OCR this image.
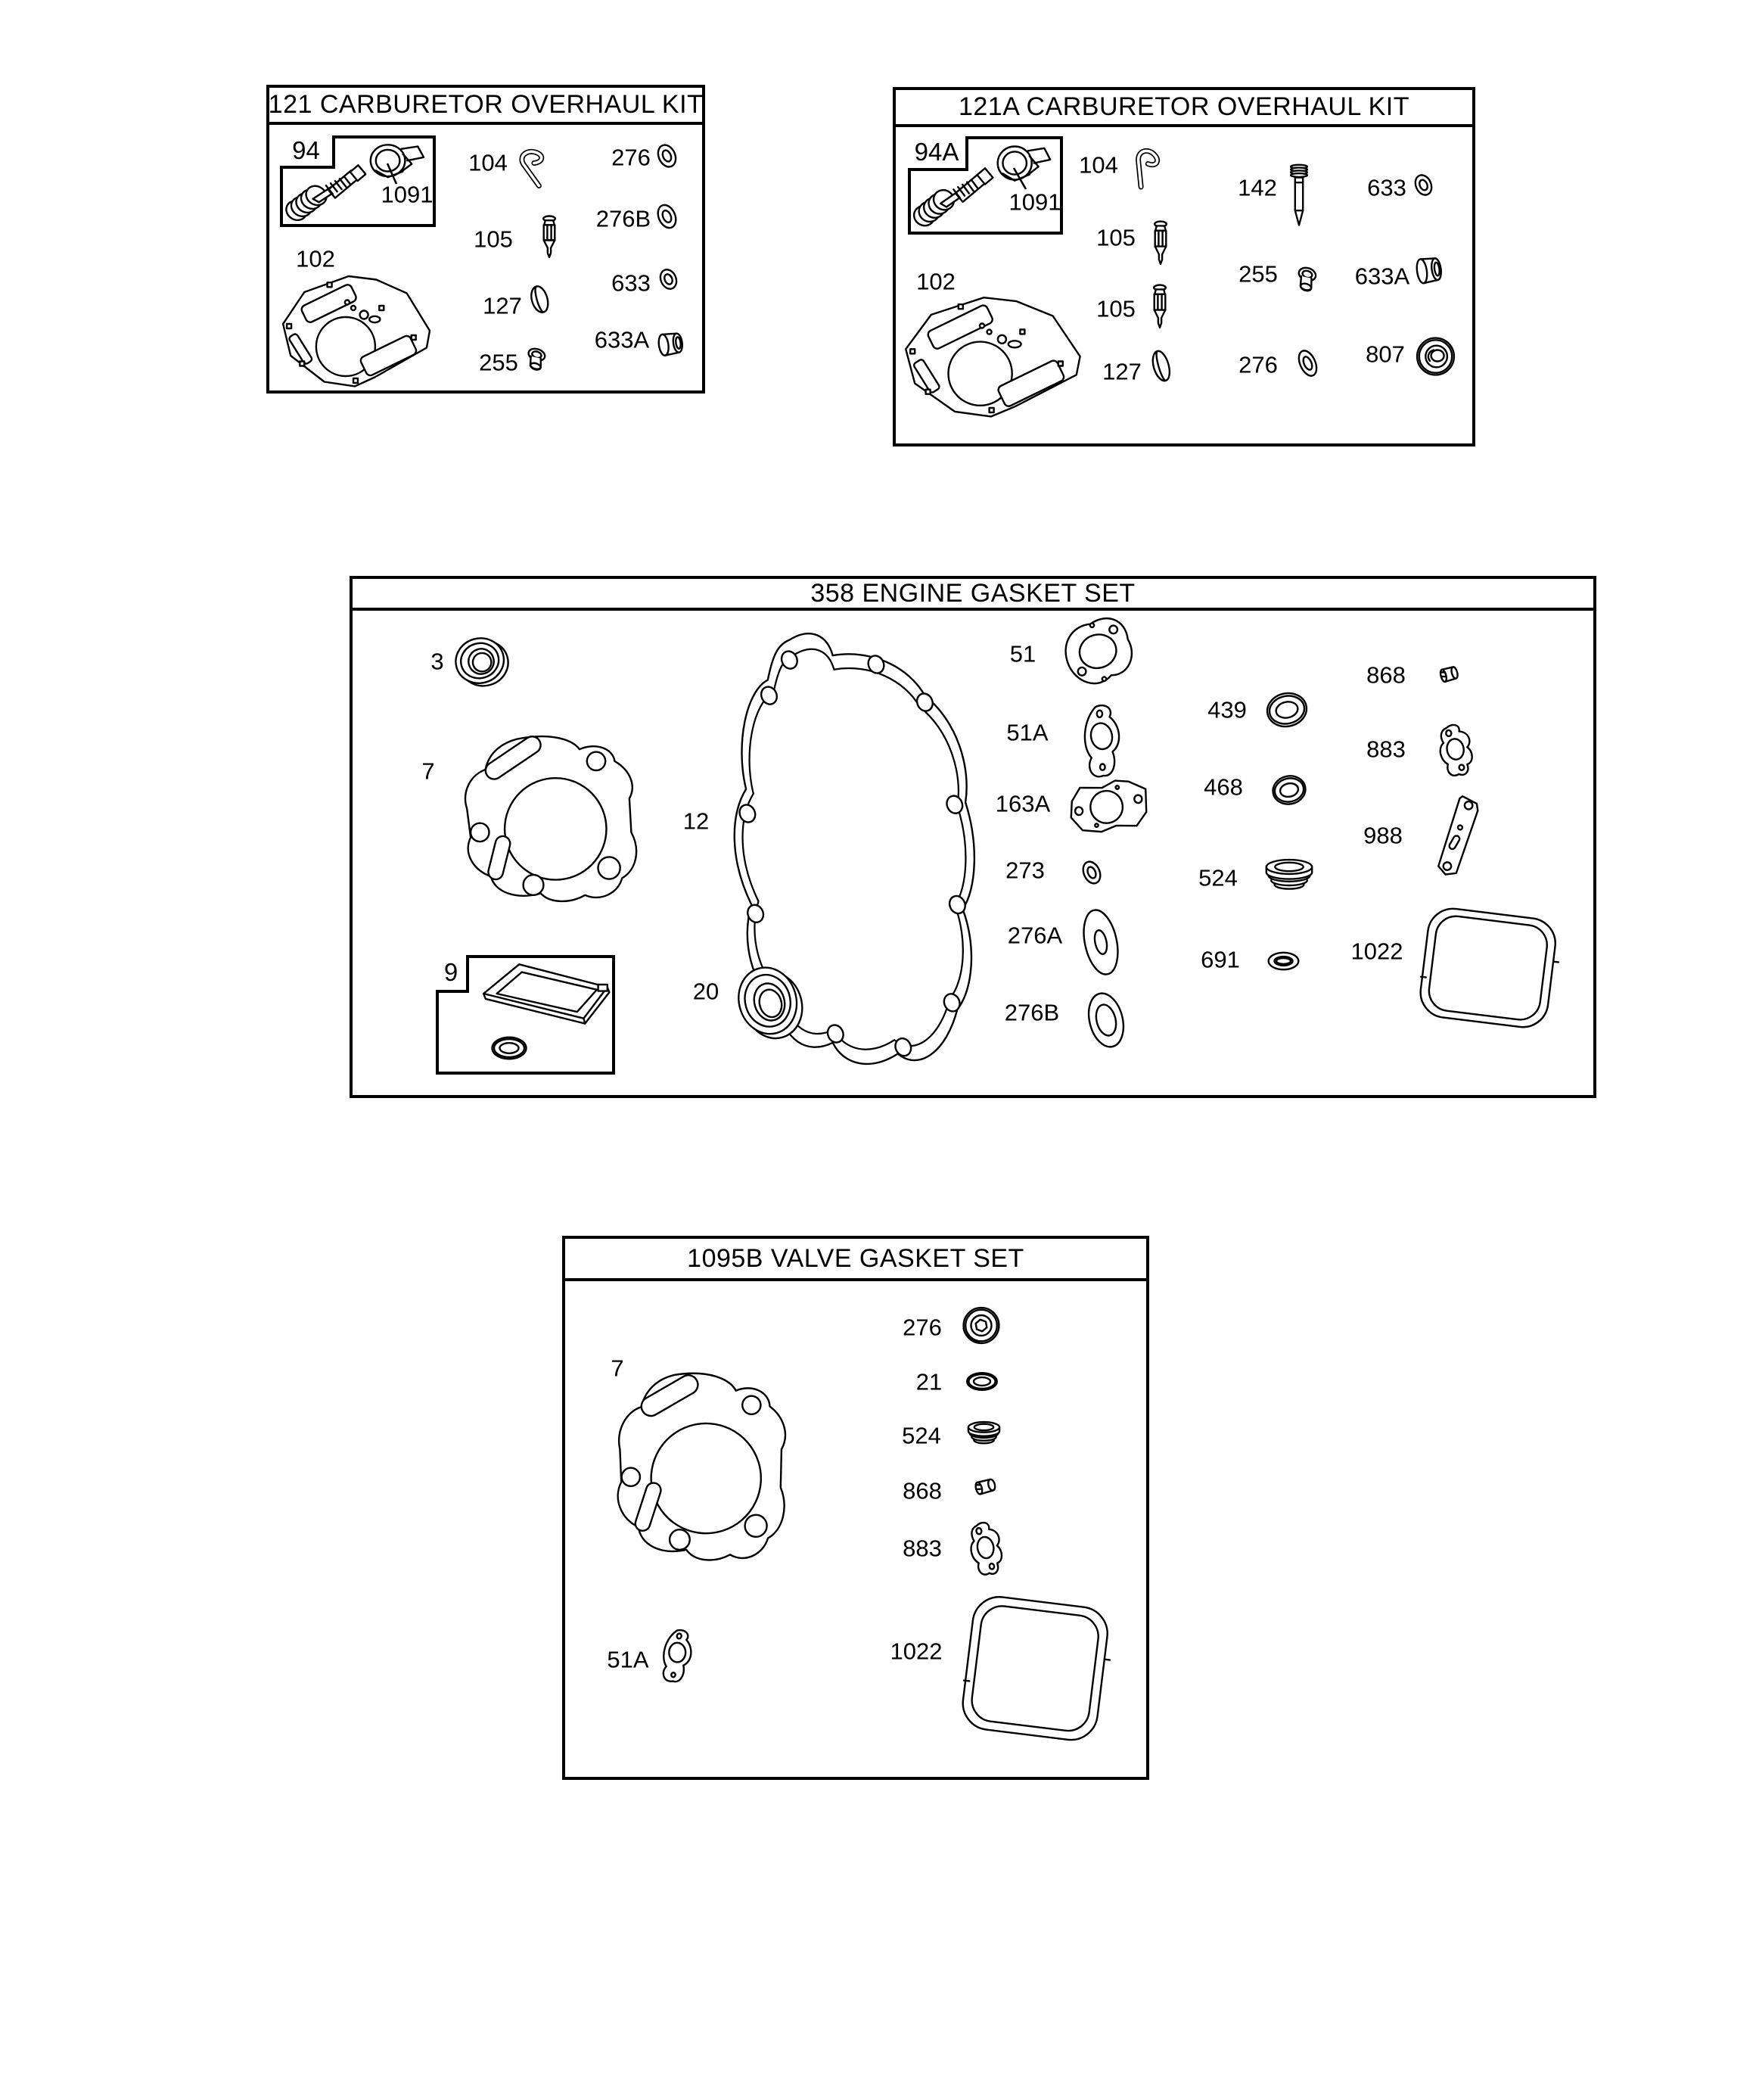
121 CARBURETOR OVERHAUL KIT
102
104
105
127
255
276
276B
633
633A
94
1091
121A CARBURETOR OVERHAUL KIT
102
104
105
105
127
142
255
276
633
633A
807
94A
1091
358 ENGINE GASKET SET
3
7
12
20
51
51A
163A
273
276A
276B
439
468
524
691
868
883
988
1022
9
1095B VALVE GASKET SET
7
51A
276
21
524
868
883
1022
